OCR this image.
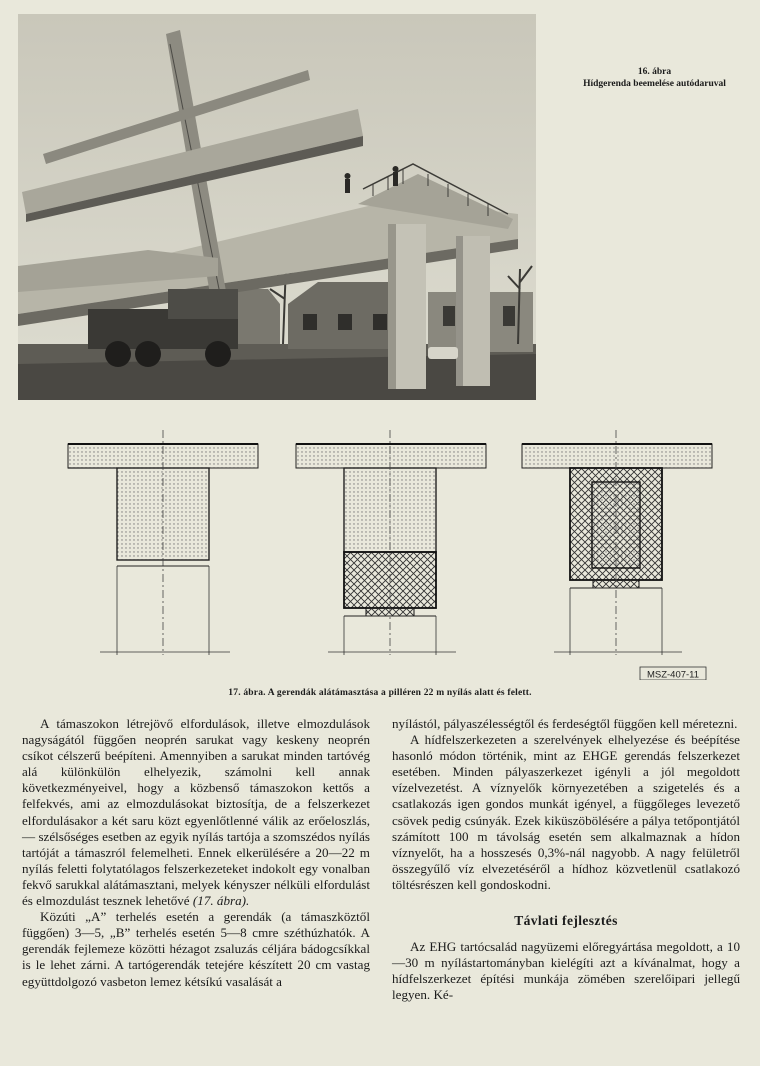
16. ábra
Hídgerenda beemelése autódaruval
MSZ-407-11
17. ábra. A gerendák alátámasztása a pilléren 22 m nyílás alatt és felett.

A támaszokon létrejövő elfordulások, illetve elmozdulások nagyságától függően neoprén sarukat vagy keskeny neoprén csíkot célszerű beépíteni. Amennyiben a sarukat minden tartóvég alá különkülön elhelyezik, számolni kell annak következményeivel, hogy a közbenső támaszokon kettős a felfekvés, ami az elmozdulásokat biztosítja, de a felszerkezet elfordulásakor a két saru közt egyenlőtlenné válik az erőeloszlás, — szélsőséges esetben az egyik nyílás tartója a szomszédos nyílás tartóját a támaszról felemelheti. Ennek elkerülésére a 20—22 m nyílás feletti folytatólagos felszerkezeteket indokolt egy vonalban fekvő sarukkal alátámasztani, melyek kényszer nélküli elfordulást és elmozdulást tesznek lehetővé (17. ábra).

Közúti „A” terhelés esetén a gerendák (a támaszköztől függően) 3—5, „B” terhelés esetén 5—8 cmre széthúzhatók. A gerendák fejlemeze közötti hézagot zsaluzás céljára bádogcsíkkal is le lehet zárni. A tartógerendák tetejére készített 20 cm vastag együttdolgozó vasbeton lemez kétsíkú vasalását a

nyílástól, pályaszélességtől és ferdeségtől függően kell méretezni.

A hídfelszerkezeten a szerelvények elhelyezése és beépítése hasonló módon történik, mint az EHGE gerendás felszerkezet esetében. Minden pályaszerkezet igényli a jól megoldott vízelvezetést. A víznyelők környezetében a szigetelés és a csatlakozás igen gondos munkát igényel, a függőleges levezető csövek pedig csúnyák. Ezek kiküszöbölésére a pálya tetőpontjától számított 100 m távolság esetén sem alkalmaznak a hídon víznyelőt, ha a hosszesés 0,3%-nál nagyobb. A nagy felületről összegyűlő víz elvezetéséről a hídhoz közvetlenül csatlakozó töltésrészen kell gondoskodni.

Távlati fejlesztés

Az EHG tartócsalád nagyüzemi előregyártása megoldott, a 10—30 m nyílástartományban kielégíti azt a kívánalmat, hogy a hídfelszerkezet építési munkája zömében szerelőipari jellegű legyen. Ké-
